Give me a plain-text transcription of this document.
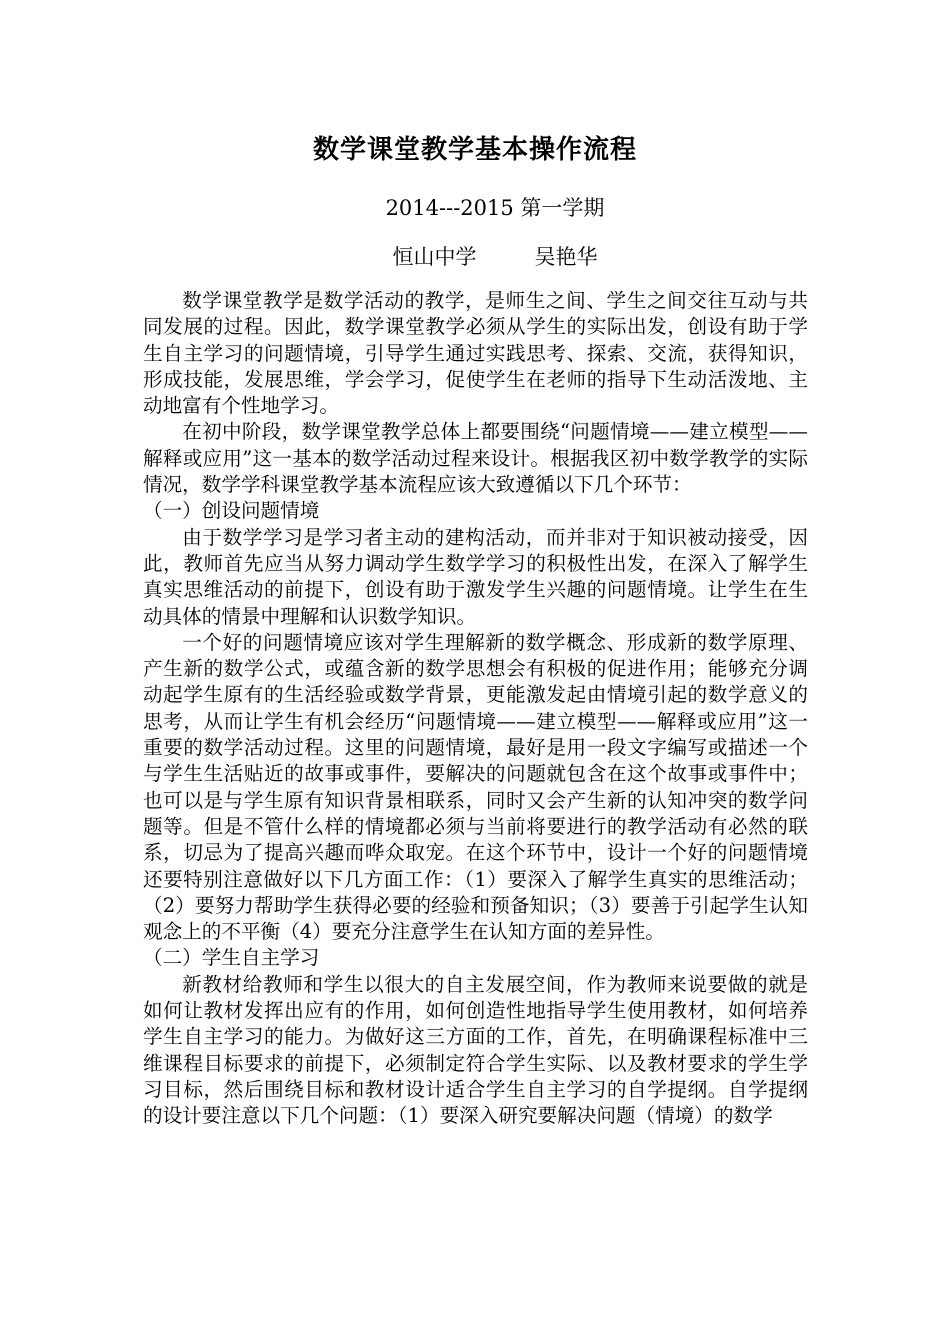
数学课堂教学基本操作流程
2014---2015 第一学期
恒山中学	吴艳华

数学课堂教学是数学活动的教学，是师生之间、学生之间交往互动与共同发展的过程。因此，数学课堂教学必须从学生的实际出发，创设有助于学生自主学习的问题情境，引导学生通过实践思考、探索、交流，获得知识，形成技能，发展思维，学会学习，促使学生在老师的指导下生动活泼地、主动地富有个性地学习。

在初中阶段，数学课堂教学总体上都要围绕“问题情境——建立模型——解释或应用”这一基本的数学活动过程来设计。根据我区初中数学教学的实际情况，数学学科课堂教学基本流程应该大致遵循以下几个环节：

（一）创设问题情境

由于数学学习是学习者主动的建构活动，而并非对于知识被动接受，因此，教师首先应当从努力调动学生数学学习的积极性出发，在深入了解学生真实思维活动的前提下，创设有助于激发学生兴趣的问题情境。让学生在生动具体的情景中理解和认识数学知识。

一个好的问题情境应该对学生理解新的数学概念、形成新的数学原理、产生新的数学公式，或蕴含新的数学思想会有积极的促进作用；能够充分调动起学生原有的生活经验或数学背景，更能激发起由情境引起的数学意义的思考，从而让学生有机会经历“问题情境——建立模型——解释或应用”这一重要的数学活动过程。这里的问题情境，最好是用一段文字编写或描述一个与学生生活贴近的故事或事件，要解决的问题就包含在这个故事或事件中；也可以是与学生原有知识背景相联系，同时又会产生新的认知冲突的数学问题等。但是不管什么样的情境都必须与当前将要进行的教学活动有必然的联系，切忌为了提高兴趣而哗众取宠。在这个环节中，设计一个好的问题情境还要特别注意做好以下几方面工作：（1）要深入了解学生真实的思维活动；（2）要努力帮助学生获得必要的经验和预备知识；（3）要善于引起学生认知观念上的不平衡（4）要充分注意学生在认知方面的差异性。

（二）学生自主学习

新教材给教师和学生以很大的自主发展空间，作为教师来说要做的就是如何让教材发挥出应有的作用，如何创造性地指导学生使用教材，如何培养学生自主学习的能力。为做好这三方面的工作，首先，在明确课程标准中三维课程目标要求的前提下，必须制定符合学生实际、以及教材要求的学生学习目标，然后围绕目标和教材设计适合学生自主学习的自学提纲。自学提纲的设计要注意以下几个问题：（1）要深入研究要解决问题（情境）的数学
